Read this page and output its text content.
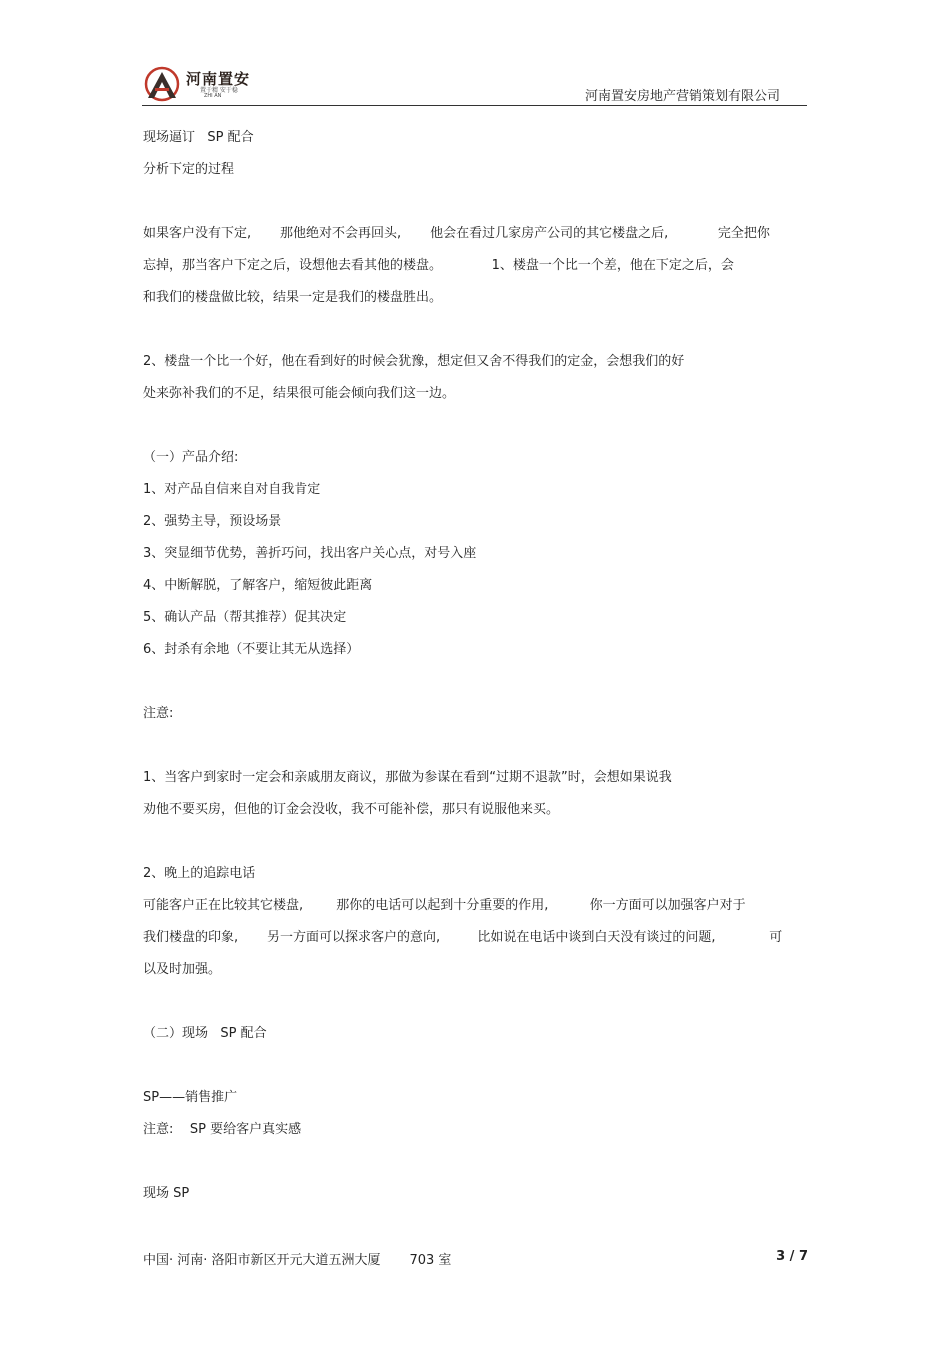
河南置安
置于精 安于稳
ZHI AN	河南置安房地产营销策划有限公司
现场逼订   SP 配合
分析下定的过程
如果客户没有下定,       那他绝对不会再回头,       他会在看过几家房产公司的其它楼盘之后,            完全把你
忘掉，那当客户下定之后，设想他去看其他的楼盘。            1、楼盘一个比一个差，他在下定之后，会
和我们的楼盘做比较，结果一定是我们的楼盘胜出。
2、楼盘一个比一个好，他在看到好的时候会犹豫，想定但又舍不得我们的定金，会想我们的好
处来弥补我们的不足，结果很可能会倾向我们这一边。
（一）产品介绍:
1、对产品自信来自对自我肯定
2、强势主导，预设场景
3、突显细节优势，善折巧问，找出客户关心点，对号入座
4、中断解脱，了解客户，缩短彼此距离
5、确认产品（帮其推荐）促其决定
6、封杀有余地（不要让其无从选择）
注意:
1、当客户到家时一定会和亲戚朋友商议，那做为参谋在看到“过期不退款”时，会想如果说我
劝他不要买房，但他的订金会没收，我不可能补偿，那只有说服他来买。
2、晚上的追踪电话
可能客户正在比较其它楼盘,        那你的电话可以起到十分重要的作用,          你一方面可以加强客户对于
我们楼盘的印象,       另一方面可以探求客户的意向,         比如说在电话中谈到白天没有谈过的问题,             可
以及时加强。
（二）现场   SP 配合
SP——销售推广
注意:    SP 要给客户真实感
现场 SP
中国· 河南· 洛阳市新区开元大道五洲大厦       703 室	3 / 7
